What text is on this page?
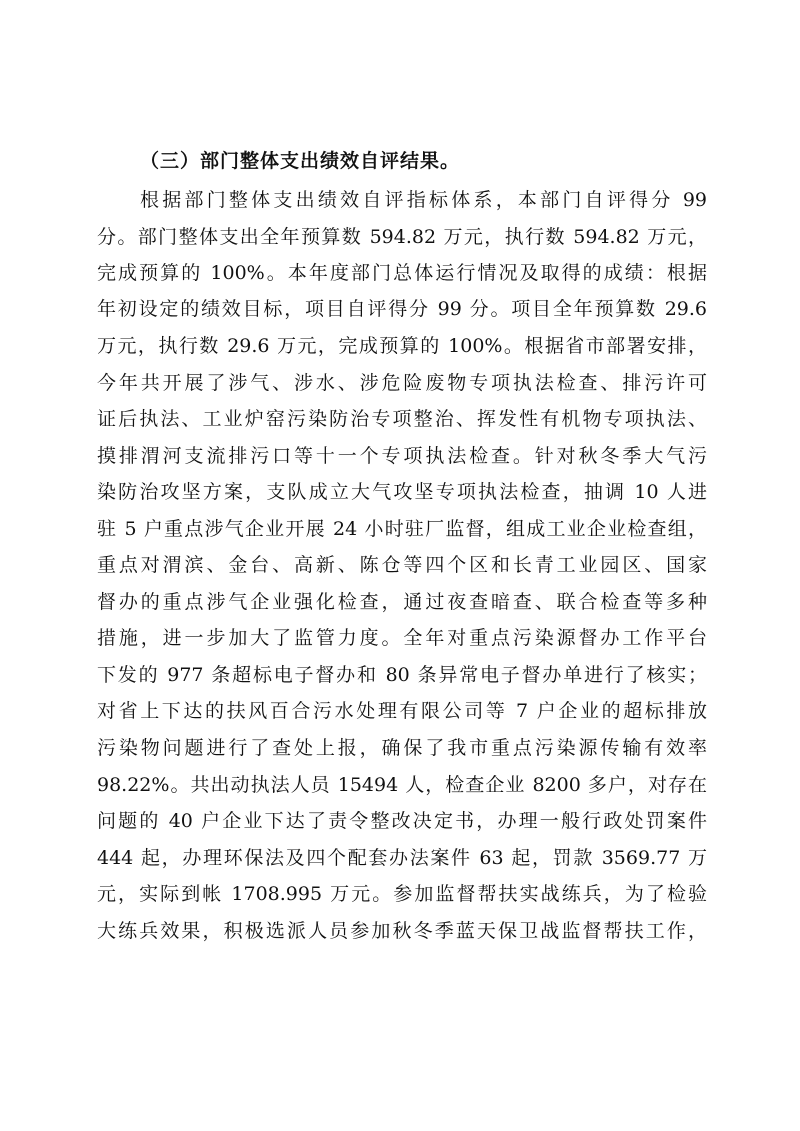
（三）部门整体支出绩效自评结果。
根据部门整体支出绩效自评指标体系，本部门自评得分 99
分。部门整体支出全年预算数 594.82 万元，执行数 594.82 万元，
完成预算的 100%。本年度部门总体运行情况及取得的成绩：根据
年初设定的绩效目标，项目自评得分 99 分。项目全年预算数 29.6
万元，执行数 29.6 万元，完成预算的 100%。根据省市部署安排，
今年共开展了涉气、涉水、涉危险废物专项执法检查、排污许可
证后执法、工业炉窑污染防治专项整治、挥发性有机物专项执法、
摸排渭河支流排污口等十一个专项执法检查。针对秋冬季大气污
染防治攻坚方案，支队成立大气攻坚专项执法检查，抽调 10 人进
驻 5 户重点涉气企业开展 24 小时驻厂监督，组成工业企业检查组，
重点对渭滨、金台、高新、陈仓等四个区和长青工业园区、国家
督办的重点涉气企业强化检查，通过夜查暗查、联合检查等多种
措施，进一步加大了监管力度。全年对重点污染源督办工作平台
下发的 977 条超标电子督办和 80 条异常电子督办单进行了核实；
对省上下达的扶风百合污水处理有限公司等 7 户企业的超标排放
污染物问题进行了查处上报，确保了我市重点污染源传输有效率
98.22%。共出动执法人员 15494 人，检查企业 8200 多户，对存在
问题的 40 户企业下达了责令整改决定书，办理一般行政处罚案件
444 起，办理环保法及四个配套办法案件 63 起，罚款 3569.77 万
元，实际到帐 1708.995 万元。参加监督帮扶实战练兵，为了检验
大练兵效果，积极选派人员参加秋冬季蓝天保卫战监督帮扶工作，
